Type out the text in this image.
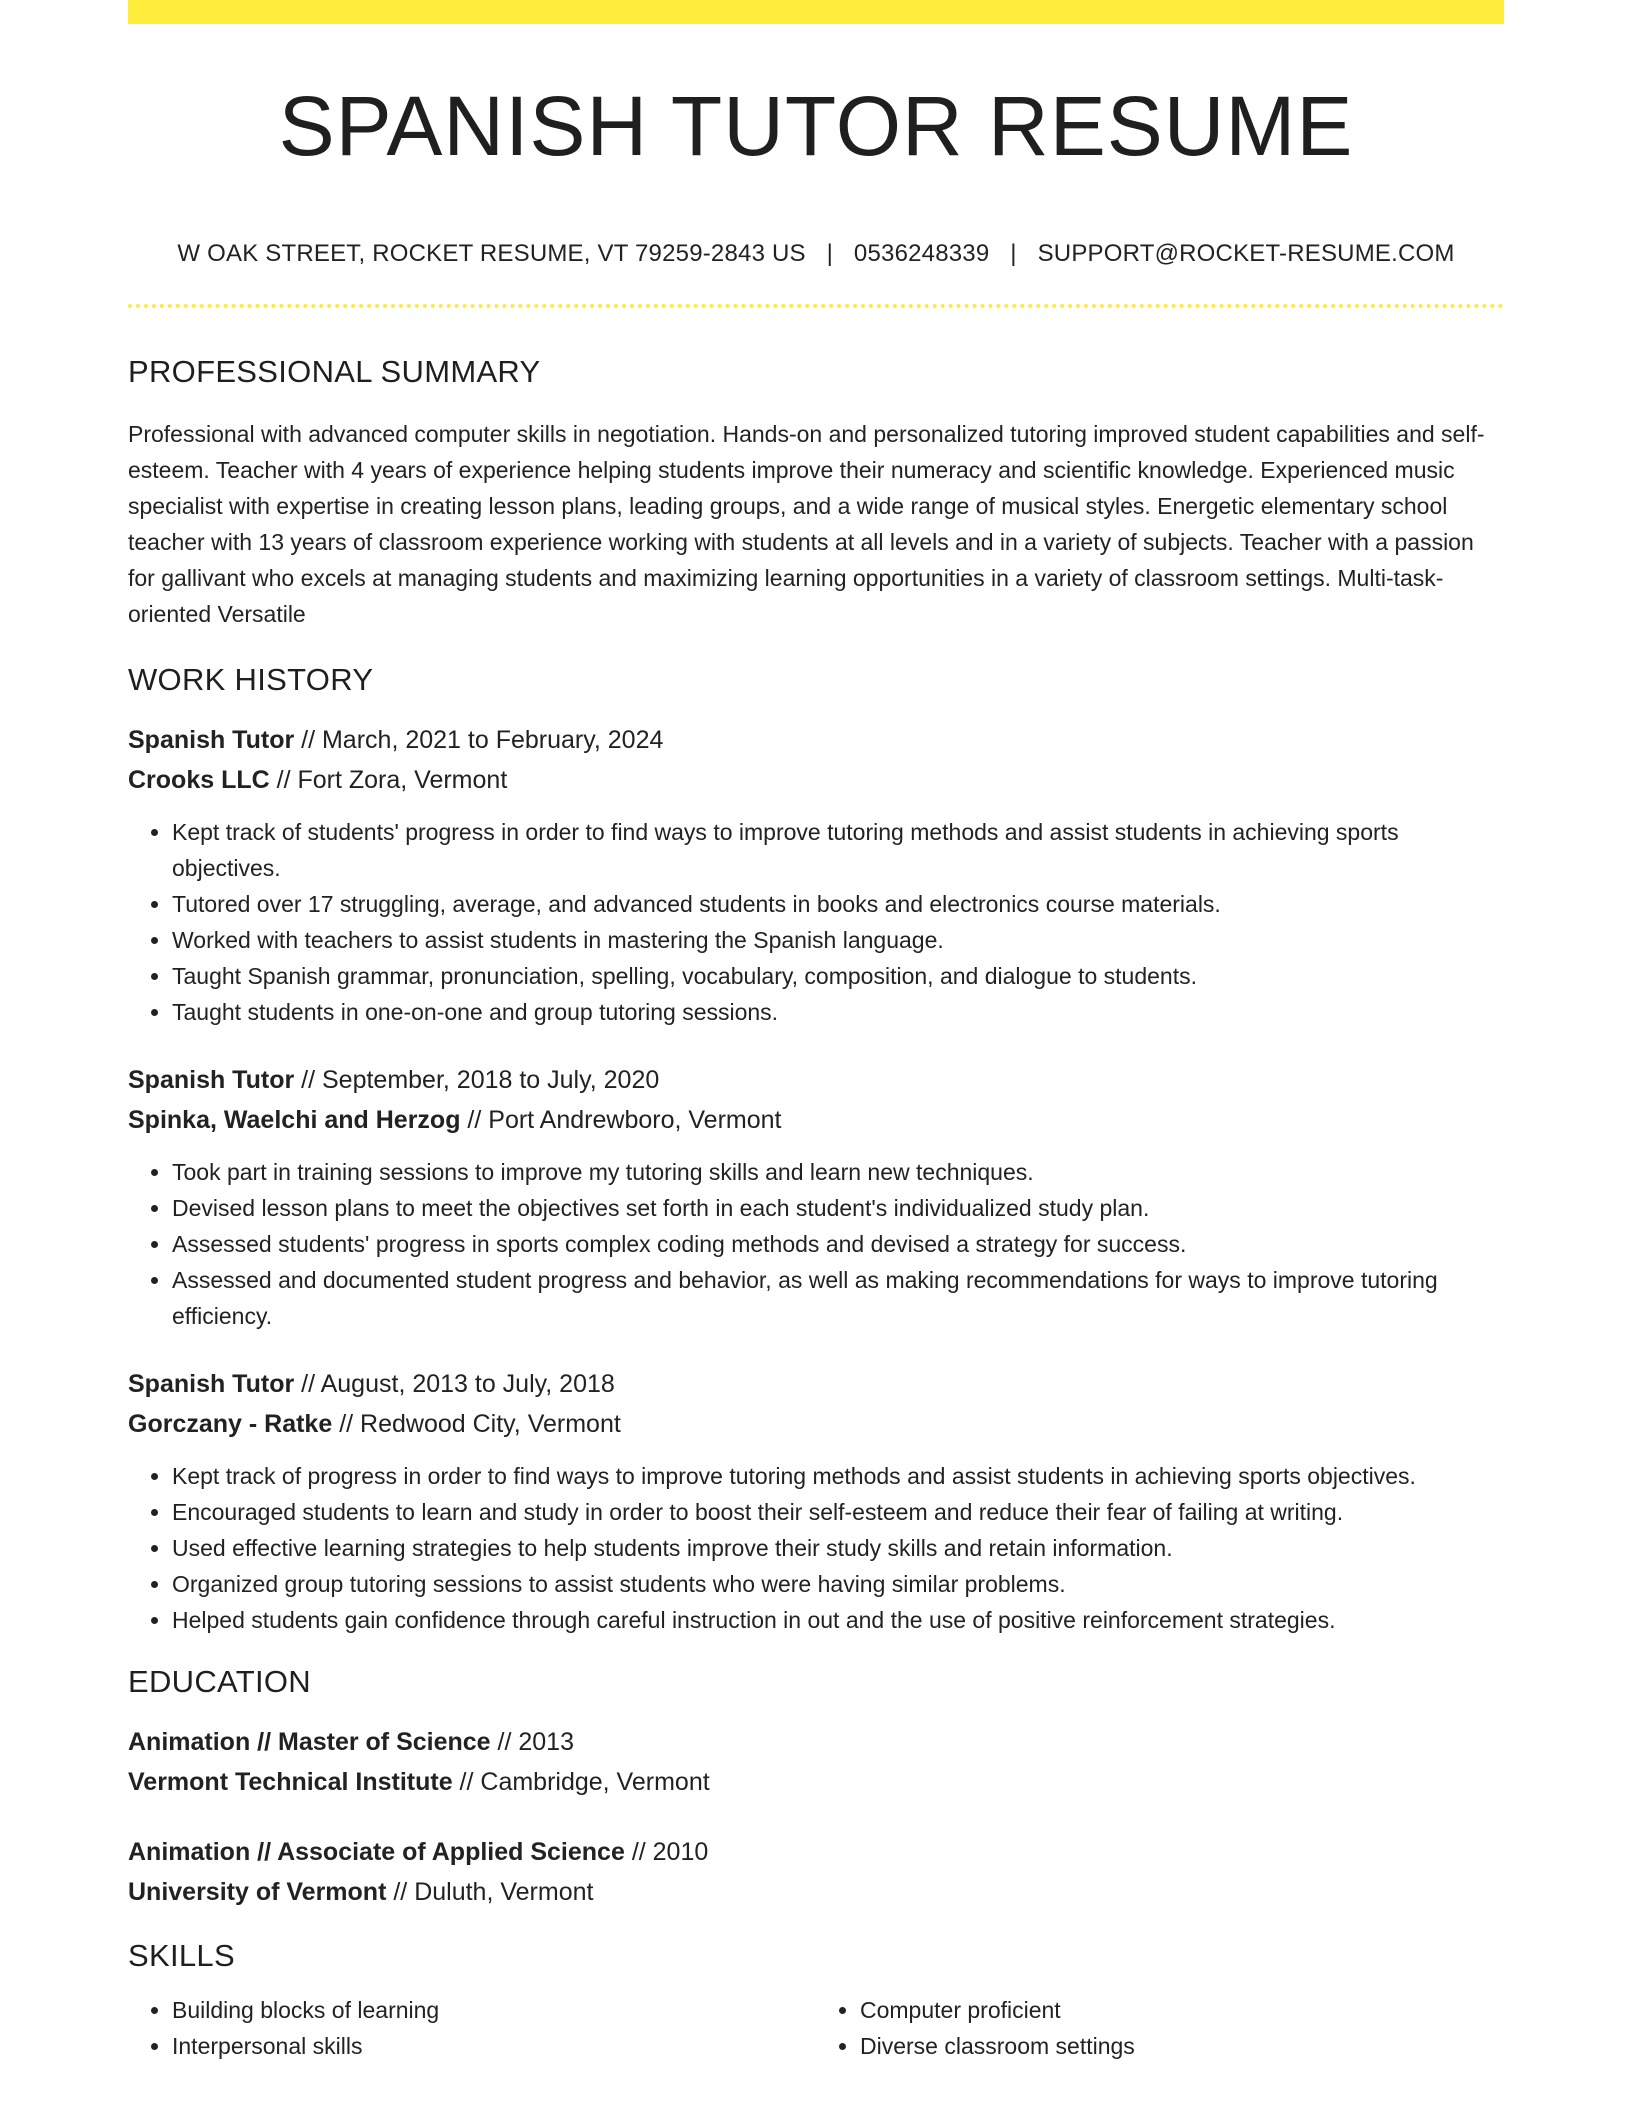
SPANISH TUTOR RESUME
W OAK STREET, ROCKET RESUME, VT 79259-2843 US | 0536248339 | SUPPORT@ROCKET-RESUME.COM
PROFESSIONAL SUMMARY

Professional with advanced computer skills in negotiation. Hands-on and personalized tutoring improved student capabilities and self-esteem. Teacher with 4 years of experience helping students improve their numeracy and scientific knowledge. Experienced music specialist with expertise in creating lesson plans, leading groups, and a wide range of musical styles. Energetic elementary school teacher with 13 years of classroom experience working with students at all levels and in a variety of subjects. Teacher with a passion for gallivant who excels at managing students and maximizing learning opportunities in a variety of classroom settings. Multi-task-oriented Versatile

WORK HISTORY
Spanish Tutor // March, 2021 to February, 2024
Crooks LLC // Fort Zora, Vermont
• Kept track of students' progress in order to find ways to improve tutoring methods and assist students in achieving sports objectives.
• Tutored over 17 struggling, average, and advanced students in books and electronics course materials.
• Worked with teachers to assist students in mastering the Spanish language.
• Taught Spanish grammar, pronunciation, spelling, vocabulary, composition, and dialogue to students.
• Taught students in one-on-one and group tutoring sessions.
Spanish Tutor // September, 2018 to July, 2020
Spinka, Waelchi and Herzog // Port Andrewboro, Vermont
• Took part in training sessions to improve my tutoring skills and learn new techniques.
• Devised lesson plans to meet the objectives set forth in each student's individualized study plan.
• Assessed students' progress in sports complex coding methods and devised a strategy for success.
• Assessed and documented student progress and behavior, as well as making recommendations for ways to improve tutoring efficiency.
Spanish Tutor // August, 2013 to July, 2018
Gorczany - Ratke // Redwood City, Vermont
• Kept track of progress in order to find ways to improve tutoring methods and assist students in achieving sports objectives.
• Encouraged students to learn and study in order to boost their self-esteem and reduce their fear of failing at writing.
• Used effective learning strategies to help students improve their study skills and retain information.
• Organized group tutoring sessions to assist students who were having similar problems.
• Helped students gain confidence through careful instruction in out and the use of positive reinforcement strategies.
EDUCATION
Animation // Master of Science // 2013
Vermont Technical Institute // Cambridge, Vermont
Animation // Associate of Applied Science // 2010
University of Vermont // Duluth, Vermont
SKILLS
• Building blocks of learning
• Interpersonal skills
• Computer proficient
• Diverse classroom settings
